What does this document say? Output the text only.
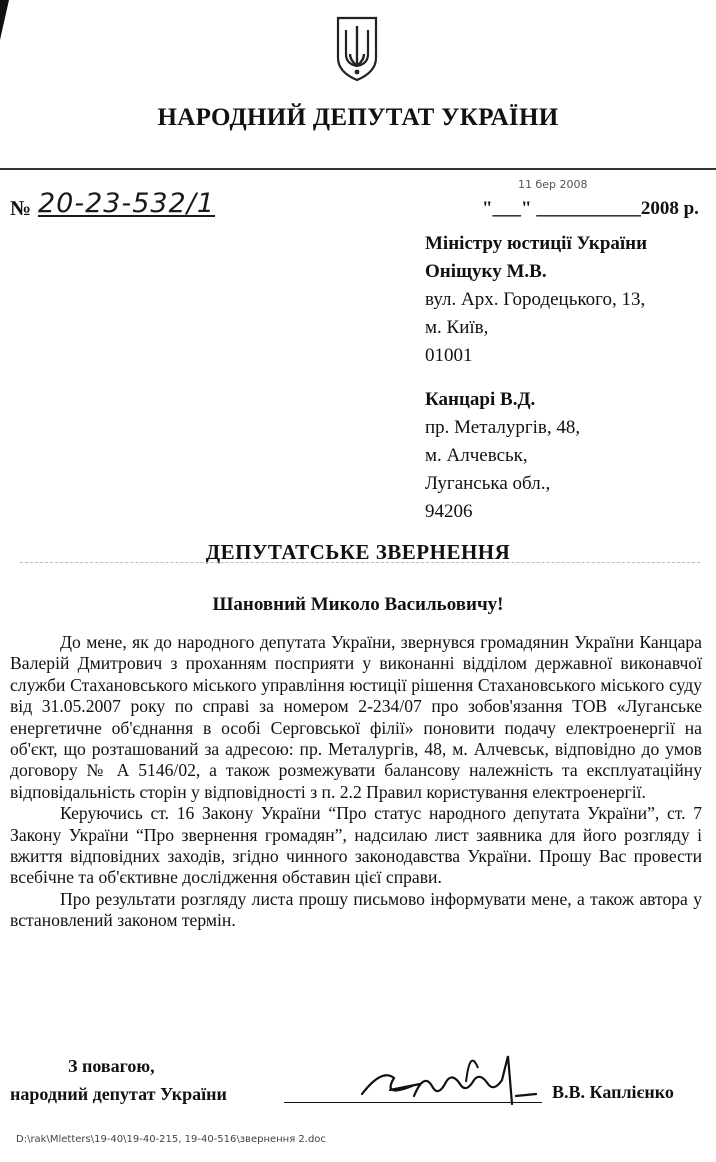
НАРОДНИЙ ДЕПУТАТ УКРАЇНИ
№ 20-23-532/1
11 бер 2008
"___" ___________2008 р.
Міністру юстиції України
Оніщуку М.В.
вул. Арх. Городецького, 13,
м. Київ,
01001
Канцарі В.Д.
пр. Металургів, 48,
м. Алчевськ,
Луганська обл.,
94206
ДЕПУТАТСЬКЕ ЗВЕРНЕННЯ
Шановний Миколо Васильовичу!

До мене, як до народного депутата України, звернувся громадянин України Канцара Валерій Дмитрович з проханням посприяти у виконанні відділом державної виконавчої служби Стахановського міського управління юстиції рішення Стахановського міського суду від 31.05.2007 року по справі за номером 2-234/07 про зобов'язання ТОВ «Луганське енергетичне об'єднання в особі Серговської філії» поновити подачу електроенергії на об'єкт, що розташований за адресою: пр. Металургів, 48, м. Алчевськ, відповідно до умов договору № А 5146/02, а також розмежувати балансову належність та експлуатаційну відповідальність сторін у відповідності з п. 2.2 Правил користування електроенергії.

Керуючись ст. 16 Закону України “Про статус народного депутата України”, ст. 7 Закону України “Про звернення громадян”, надсилаю лист заявника для його розгляду і вжиття відповідних заходів, згідно чинного законодавства України. Прошу Вас провести всебічне та об'єктивне дослідження обставин цієї справи.

Про результати розгляду листа прошу письмово інформувати мене, а також автора у встановлений законом термін.

З повагою,
народний депутат України	В.В. Каплієнко
D:\rak\Mletters\19-40\19-40-215, 19-40-516\звернення 2.doc
